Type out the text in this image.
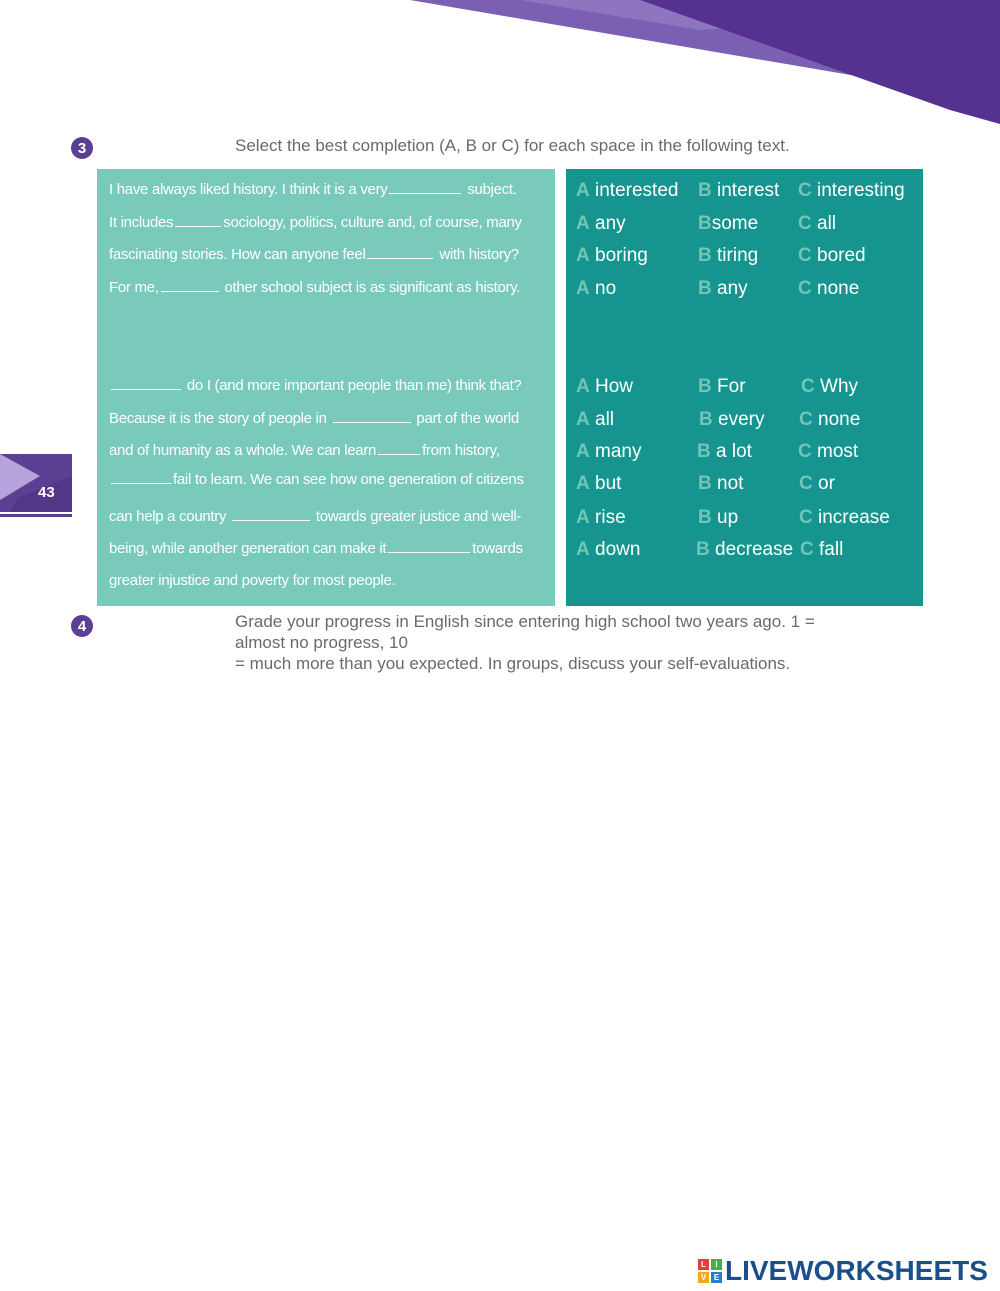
3	Select the best completion (A, B or C) for each space in the following text.
I have always liked history. I think it is a very	subject.
It includes	sociology, politics, culture and, of course, many
fascinating stories. How can anyone feel	with history?
For me,	other school subject is as significant as history.
do I (and more important people than me) think that?
Because it is the story of people in	part of the world
and of humanity as a whole. We can learn	from history,
fail to learn. We can see how one generation of citizens
can help a country	towards greater justice and well-
being, while another generation can make it	towards
greater injustice and poverty for most people.
A interested B interest C interesting
A any	Bsome C all
A boring	B tiring C bored
A no	B any	C none
A How	B For	C Why
A all	B every C none
A many	B a lot C most
A but	B not	C or
A rise	B up	C increase
A down	B decrease C fall
43
4	Grade your progress in English since entering high school two years ago. 1 =
almost no progress, 10
= much more than you expected. In groups, discuss your self-evaluations.
L	I
V E LIVEWORKSHEETS
